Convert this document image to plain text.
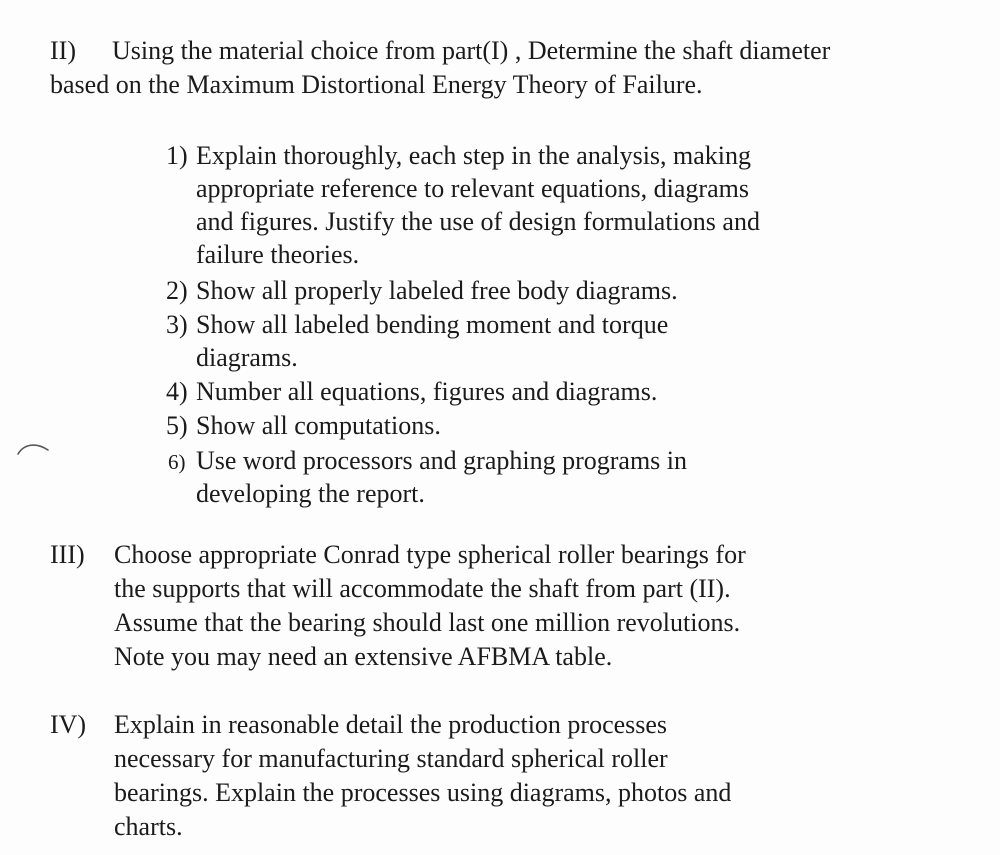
II) Using the material choice from part(I) , Determine the shaft diameter
based on the Maximum Distortional Energy Theory of Failure.
1) Explain thoroughly, each step in the analysis, making
appropriate reference to relevant equations, diagrams
and figures. Justify the use of design formulations and
failure theories.
2) Show all properly labeled free body diagrams.
3) Show all labeled bending moment and torque
diagrams.
4) Number all equations, figures and diagrams.
5) Show all computations.
6) Use word processors and graphing programs in
developing the report.
III) Choose appropriate Conrad type spherical roller bearings for
the supports that will accommodate the shaft from part (II).
Assume that the bearing should last one million revolutions.
Note you may need an extensive AFBMA table.
IV) Explain in reasonable detail the production processes
necessary for manufacturing standard spherical roller
bearings. Explain the processes using diagrams, photos and
charts.
